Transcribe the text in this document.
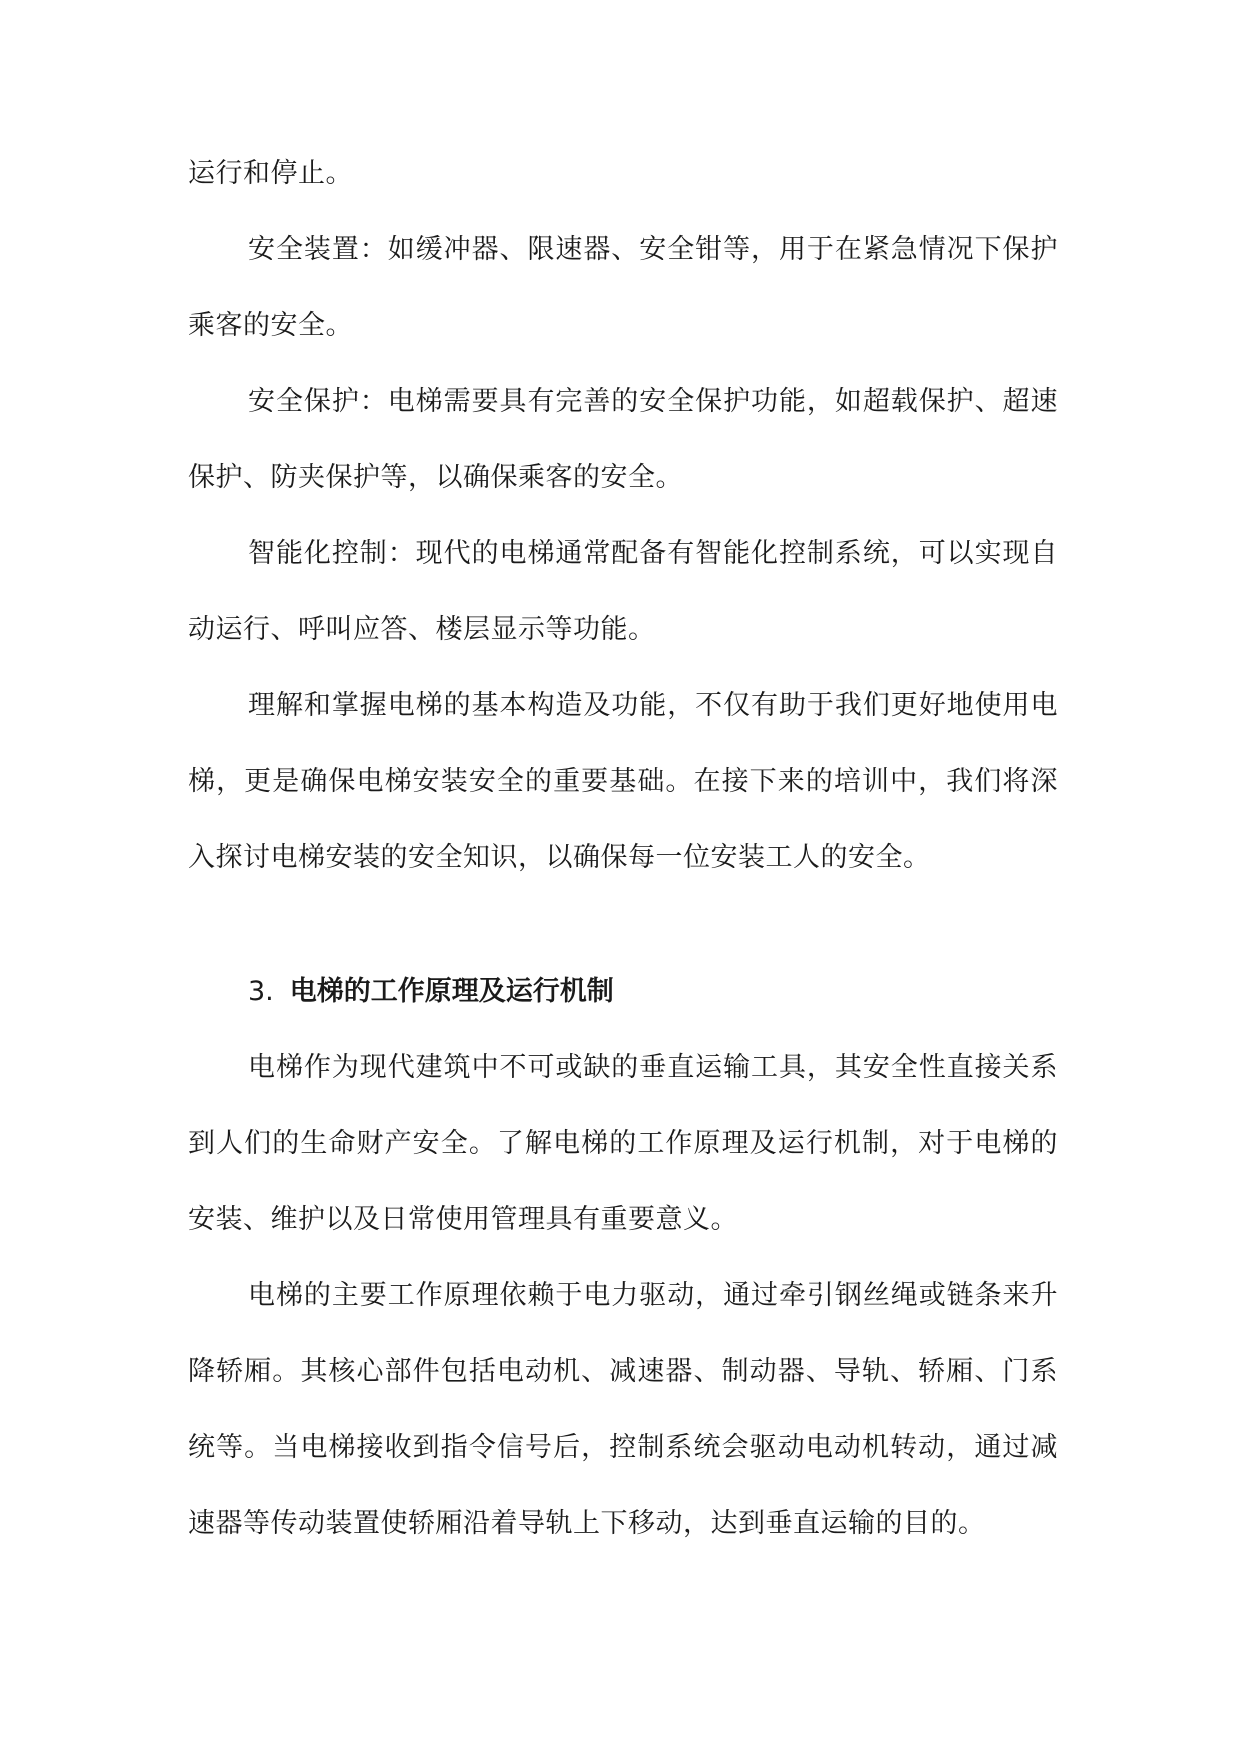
运行和停止。

安全装置：如缓冲器、限速器、安全钳等，用于在紧急情况下保护乘客的安全。

安全保护：电梯需要具有完善的安全保护功能，如超载保护、超速保护、防夹保护等，以确保乘客的安全。

智能化控制：现代的电梯通常配备有智能化控制系统，可以实现自动运行、呼叫应答、楼层显示等功能。

理解和掌握电梯的基本构造及功能，不仅有助于我们更好地使用电梯，更是确保电梯安装安全的重要基础。在接下来的培训中，我们将深入探讨电梯安装的安全知识，以确保每一位安装工人的安全。

3. 电梯的工作原理及运行机制

电梯作为现代建筑中不可或缺的垂直运输工具，其安全性直接关系到人们的生命财产安全。了解电梯的工作原理及运行机制，对于电梯的安装、维护以及日常使用管理具有重要意义。

电梯的主要工作原理依赖于电力驱动，通过牵引钢丝绳或链条来升降轿厢。其核心部件包括电动机、减速器、制动器、导轨、轿厢、门系统等。当电梯接收到指令信号后，控制系统会驱动电动机转动，通过减速器等传动装置使轿厢沿着导轨上下移动，达到垂直运输的目的。
